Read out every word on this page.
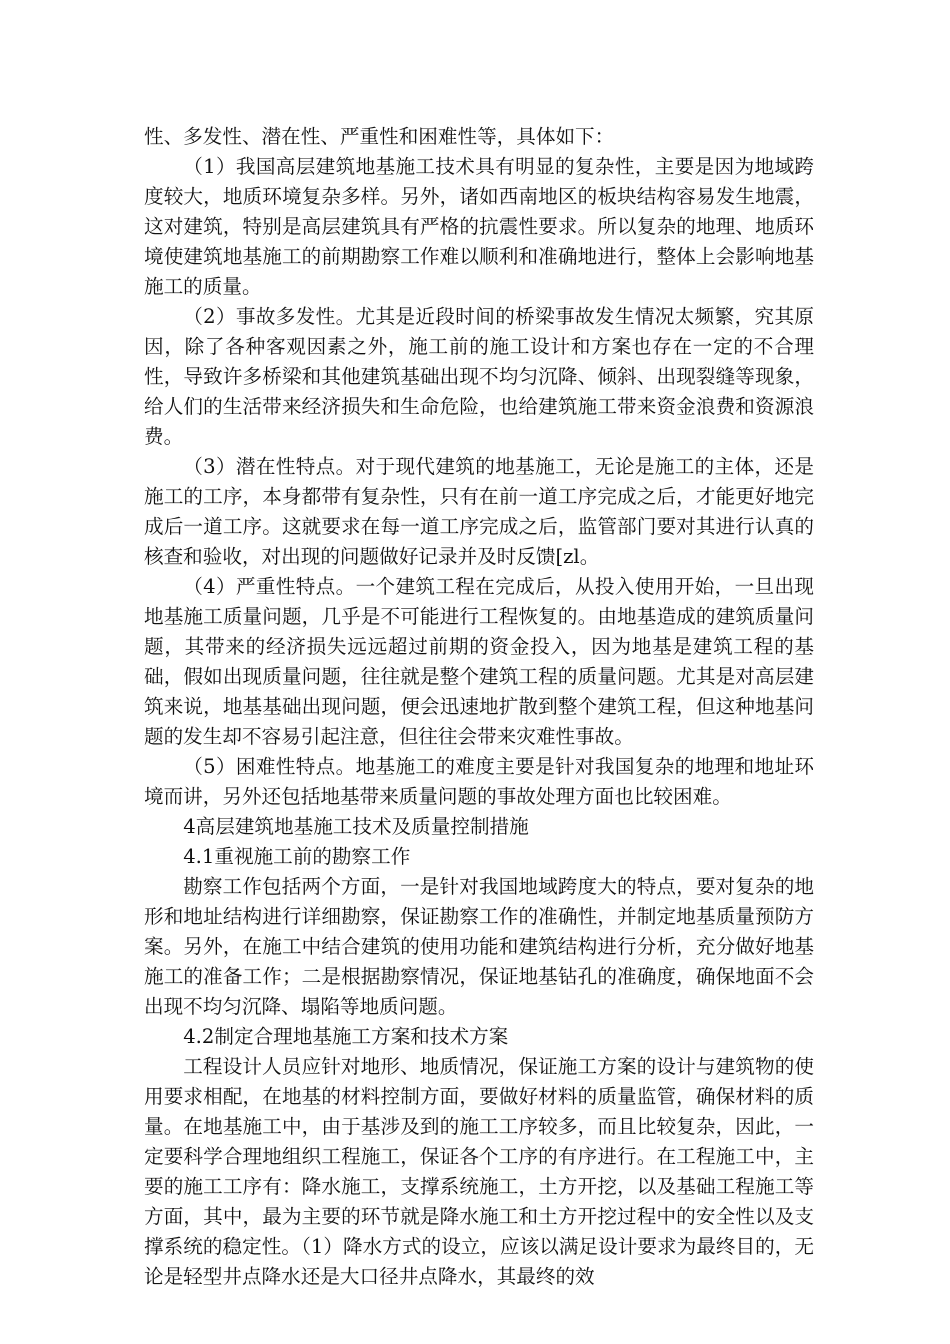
性、多发性、潜在性、严重性和困难性等，具体如下：

（1）我国高层建筑地基施工技术具有明显的复杂性，主要是因为地域跨度较大，地质环境复杂多样。另外，诸如西南地区的板块结构容易发生地震，这对建筑，特别是高层建筑具有严格的抗震性要求。所以复杂的地理、地质环境使建筑地基施工的前期勘察工作难以顺利和准确地进行，整体上会影响地基施工的质量。

（2）事故多发性。尤其是近段时间的桥梁事故发生情况太频繁，究其原因，除了各种客观因素之外，施工前的施工设计和方案也存在一定的不合理性，导致许多桥梁和其他建筑基础出现不均匀沉降、倾斜、出现裂缝等现象，给人们的生活带来经济损失和生命危险，也给建筑施工带来资金浪费和资源浪费。

（3）潜在性特点。对于现代建筑的地基施工，无论是施工的主体，还是施工的工序，本身都带有复杂性，只有在前一道工序完成之后，才能更好地完成后一道工序。这就要求在每一道工序完成之后，监管部门要对其进行认真的核查和验收，对出现的问题做好记录并及时反馈[zl。

（4）严重性特点。一个建筑工程在完成后，从投入使用开始，一旦出现地基施工质量问题，几乎是不可能进行工程恢复的。由地基造成的建筑质量问题，其带来的经济损失远远超过前期的资金投入，因为地基是建筑工程的基础，假如出现质量问题，往往就是整个建筑工程的质量问题。尤其是对高层建筑来说，地基基础出现问题，便会迅速地扩散到整个建筑工程，但这种地基问题的发生却不容易引起注意，但往往会带来灾难性事故。

（5）困难性特点。地基施工的难度主要是针对我国复杂的地理和地址环境而讲，另外还包括地基带来质量问题的事故处理方面也比较困难。

4高层建筑地基施工技术及质量控制措施

4.1重视施工前的勘察工作

勘察工作包括两个方面，一是针对我国地域跨度大的特点，要对复杂的地形和地址结构进行详细勘察，保证勘察工作的准确性，并制定地基质量预防方案。另外，在施工中结合建筑的使用功能和建筑结构进行分析，充分做好地基施工的准备工作；二是根据勘察情况，保证地基钻孔的准确度，确保地面不会出现不均匀沉降、塌陷等地质问题。

4.2制定合理地基施工方案和技术方案

工程设计人员应针对地形、地质情况，保证施工方案的设计与建筑物的使用要求相配，在地基的材料控制方面，要做好材料的质量监管，确保材料的质量。在地基施工中，由于基涉及到的施工工序较多，而且比较复杂，因此，一定要科学合理地组织工程施工，保证各个工序的有序进行。在工程施工中，主要的施工工序有：降水施工，支撑系统施工，土方开挖，以及基础工程施工等方面，其中，最为主要的环节就是降水施工和土方开挖过程中的安全性以及支撑系统的稳定性。（1）降水方式的设立，应该以满足设计要求为最终目的，无论是轻型井点降水还是大口径井点降水，其最终的效
